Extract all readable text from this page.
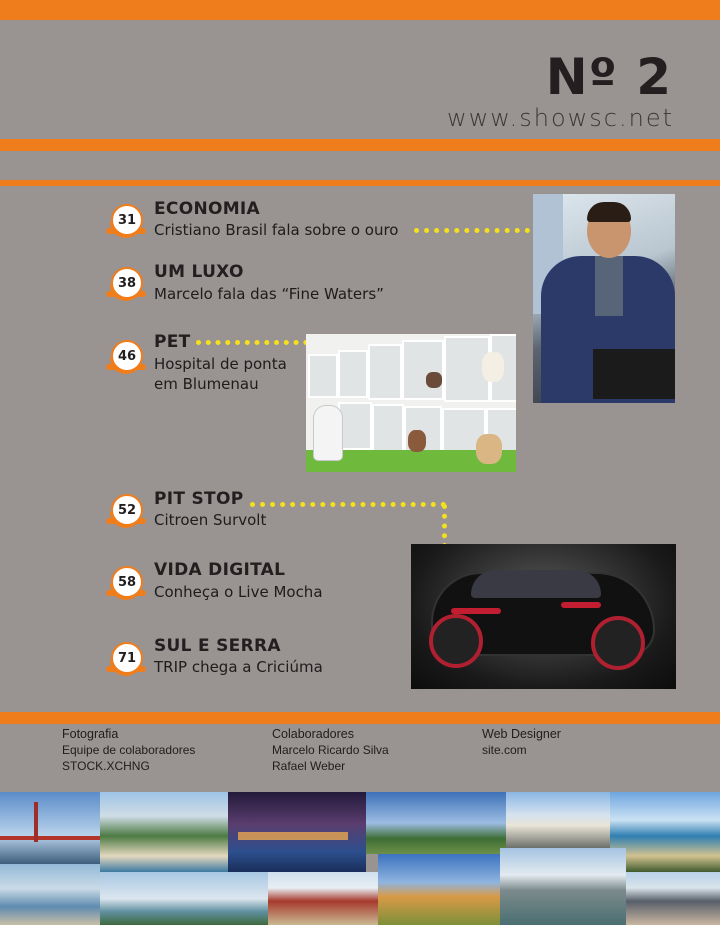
Nº 2
www.showsc.net
31
ECONOMIA
Cristiano Brasil fala sobre o ouro
38
UM LUXO
Marcelo fala das “Fine Waters”
46
PET
Hospital de ponta
em Blumenau
52
PIT STOP
Citroen Survolt
58
VIDA DIGITAL
Conheça o Live Mocha
71
SUL E SERRA
TRIP chega a Criciúma
Fotografia
Equipe de colaboradores
STOCK.XCHNG
Colaboradores
Marcelo Ricardo Silva
Rafael Weber
Web Designer
site.com
